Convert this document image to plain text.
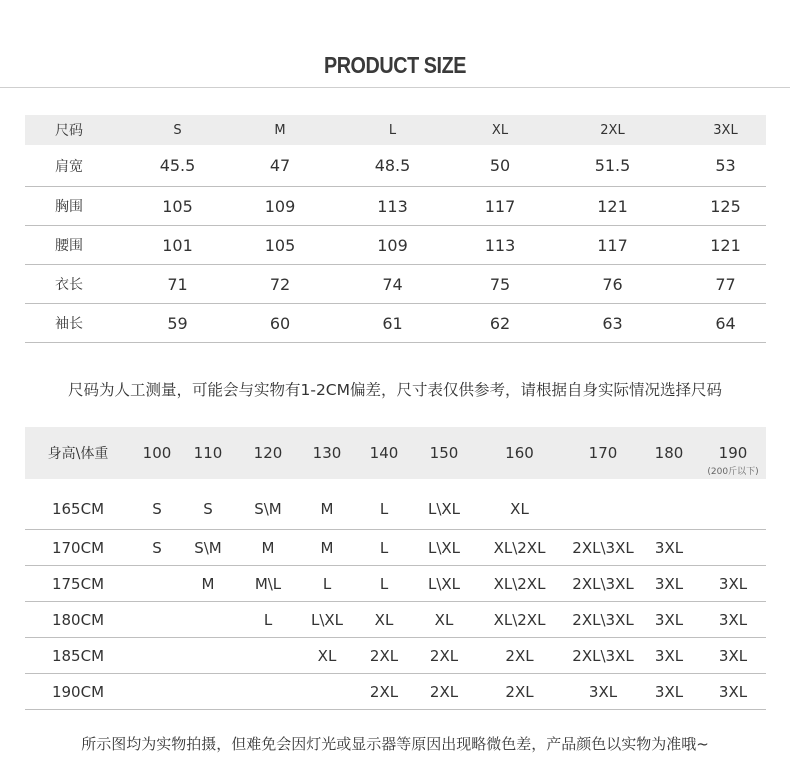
PRODUCT SIZE
尺码	S	M	L	XL	2XL	3XL
肩宽	45.5	47	48.5	50	51.5	53
胸围	105	109	113	117	121	125
腰围	101	105	109	113	117	121
衣长	71	72	74	75	76	77
袖长	59	60	61	62	63	64
尺码为人工测量，可能会与实物有1-2CM偏差，尺寸表仅供参考，请根据自身实际情况选择尺码
身高\体重	100	110	120	130	140	150	160	170	180	190
(200斤以下)

165CM	S	S	S\M	M	L	L\XL	XL			
170CM	S	S\M	M	M	L	L\XL	XL\2XL	2XL\3XL	3XL	
175CM		M	M\L	L	L	L\XL	XL\2XL	2XL\3XL	3XL	3XL
180CM			L	L\XL	XL	XL	XL\2XL	2XL\3XL	3XL	3XL
185CM				XL	2XL	2XL	2XL	2XL\3XL	3XL	3XL
190CM					2XL	2XL	2XL	3XL	3XL	3XL
所示图均为实物拍摄，但难免会因灯光或显示器等原因出现略微色差，产品颜色以实物为准哦~
